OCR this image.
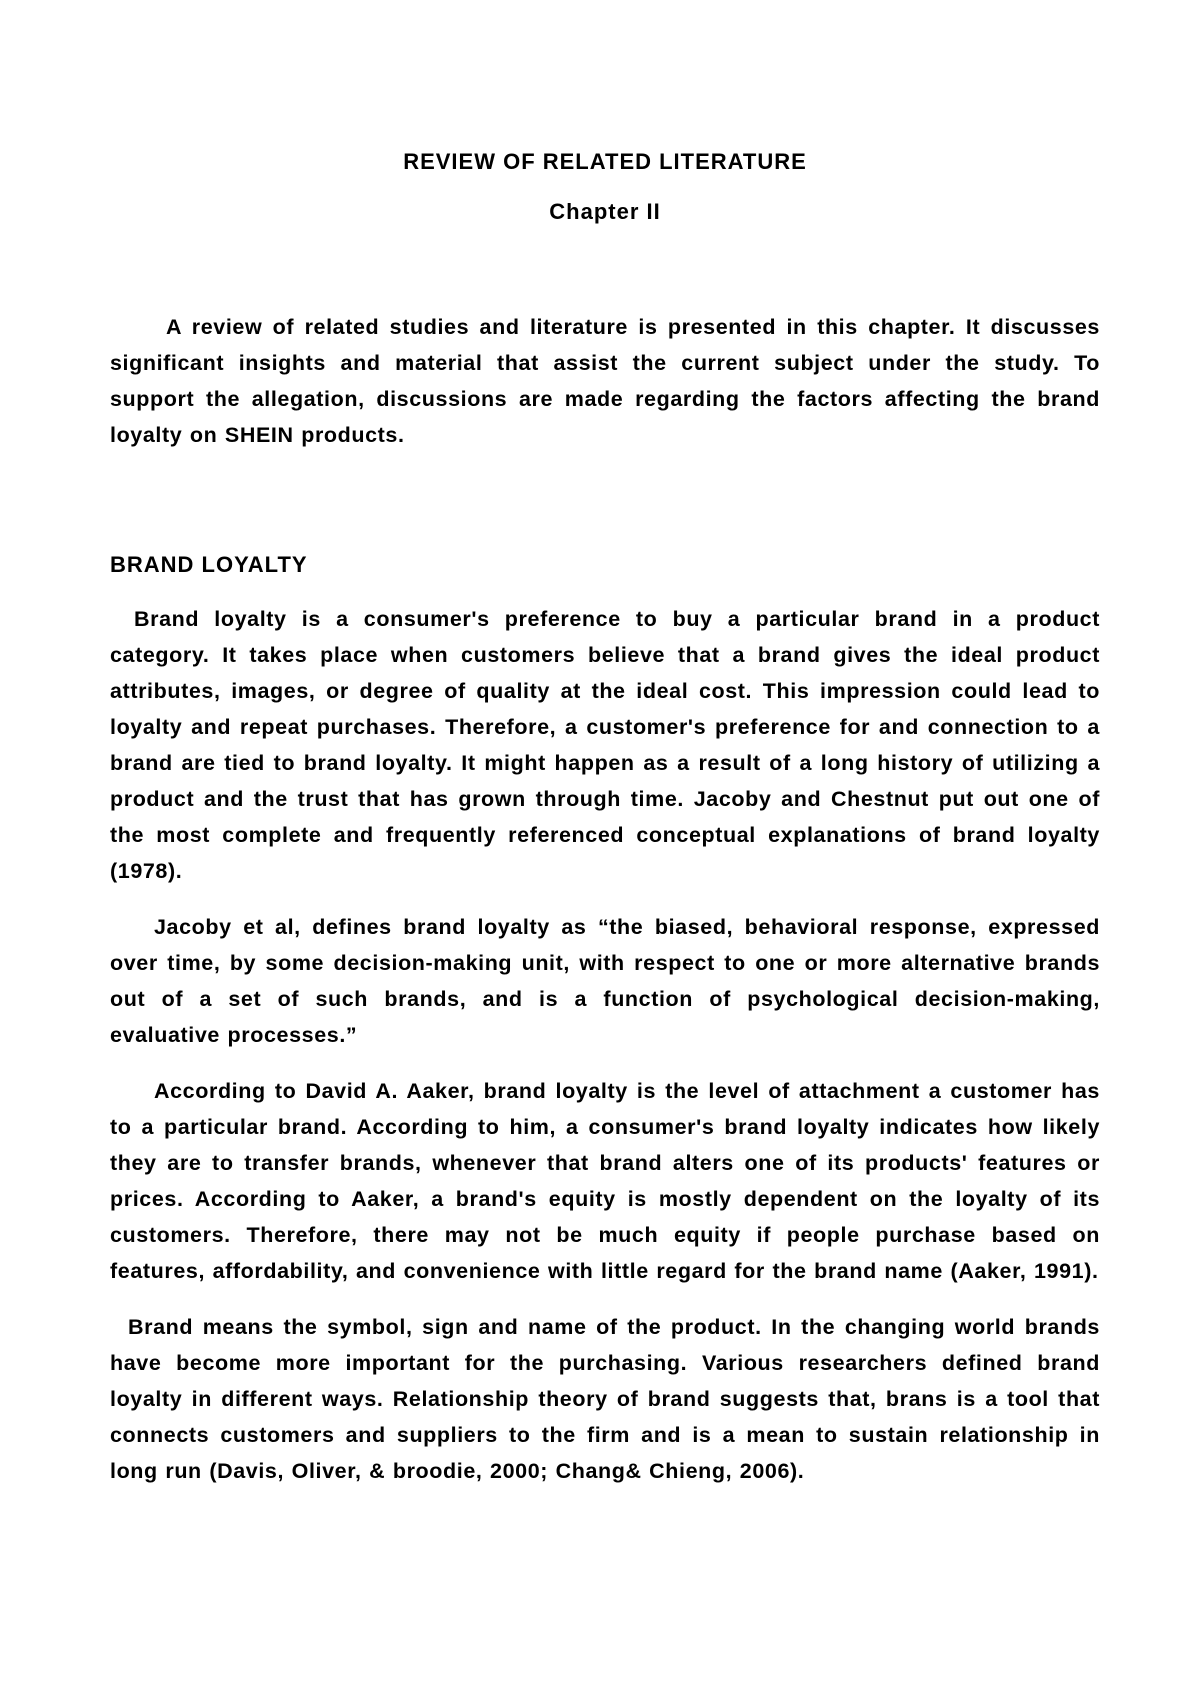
REVIEW OF RELATED LITERATURE
Chapter II

A review of related studies and literature is presented in this chapter. It discusses significant insights and material that assist the current subject under the study. To support the allegation, discussions are made regarding the factors affecting the brand loyalty on SHEIN products.

BRAND LOYALTY

Brand loyalty is a consumer's preference to buy a particular brand in a product category. It takes place when customers believe that a brand gives the ideal product attributes, images, or degree of quality at the ideal cost. This impression could lead to loyalty and repeat purchases. Therefore, a customer's preference for and connection to a brand are tied to brand loyalty. It might happen as a result of a long history of utilizing a product and the trust that has grown through time. Jacoby and Chestnut put out one of the most complete and frequently referenced conceptual explanations of brand loyalty (1978).

Jacoby et al, defines brand loyalty as “the biased, behavioral response, expressed over time, by some decision-making unit, with respect to one or more alternative brands out of a set of such brands, and is a function of psychological decision-making, evaluative processes.”

According to David A. Aaker, brand loyalty is the level of attachment a customer has to a particular brand. According to him, a consumer's brand loyalty indicates how likely they are to transfer brands, whenever that brand alters one of its products' features or prices. According to Aaker, a brand's equity is mostly dependent on the loyalty of its customers. Therefore, there may not be much equity if people purchase based on features, affordability, and convenience with little regard for the brand name (Aaker, 1991).

Brand means the symbol, sign and name of the product. In the changing world brands have become more important for the purchasing. Various researchers defined brand loyalty in different ways. Relationship theory of brand suggests that, brans is a tool that connects customers and suppliers to the firm and is a mean to sustain relationship in long run (Davis, Oliver, & broodie, 2000; Chang& Chieng, 2006).
